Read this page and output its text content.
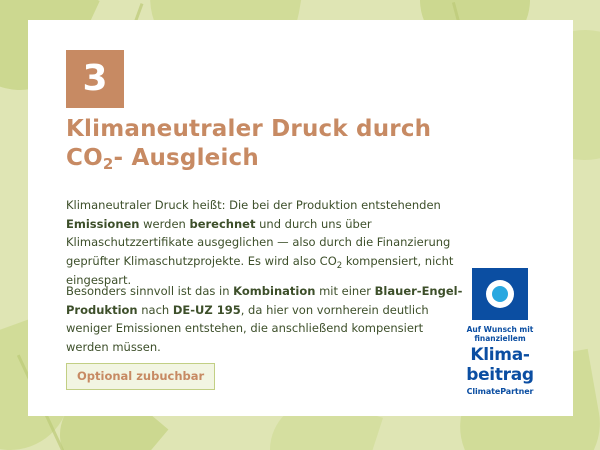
3
Klimaneutraler Druck durch
$CO_2-$ Ausgleich
Klimaneutraler Druck heißt: Die bei der Produktion entstehenden Emissionen werden berechnet und durch uns über Klimaschutzzertifikate ausgeglichen — also durch die Finanzierung geprüfter Klimaschutzprojekte. Es wird also $CO_2$ kompensiert, nicht eingespart.
Besonders sinnvoll ist das in Kombination mit einer Blauer-Engel-Produktion nach DE-UZ 195, da hier von vornherein deutlich weniger Emissionen entstehen, die anschließend kompensiert werden müssen.
Optional zubuchbar
Auf Wunsch mit
finanziellem
Klima-
beitrag
ClimatePartner
